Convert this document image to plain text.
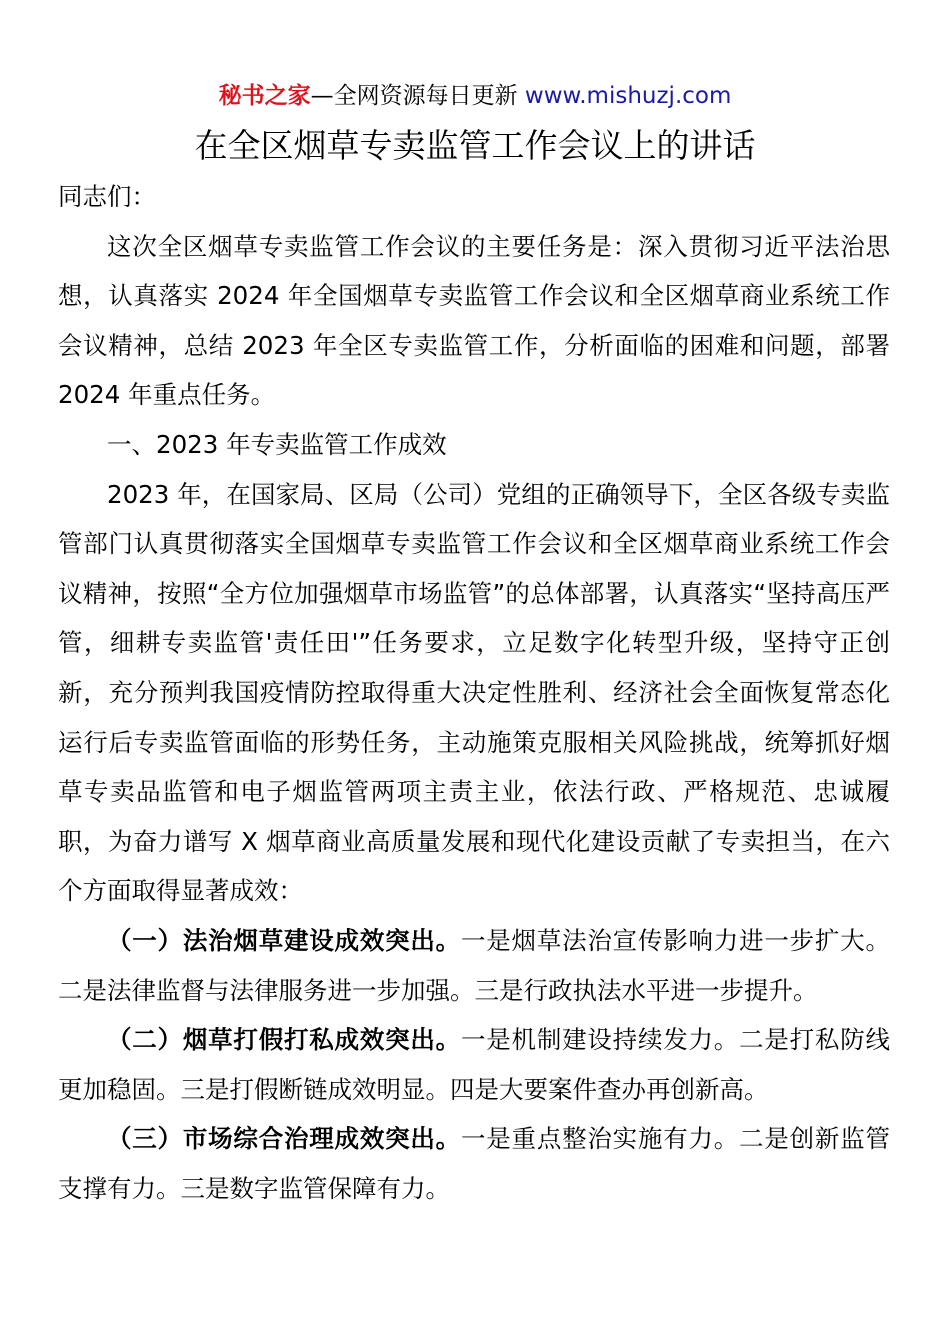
秘书之家—全网资源每日更新 www.mishuzj.com
在全区烟草专卖监管工作会议上的讲话

同志们：

这次全区烟草专卖监管工作会议的主要任务是：深入贯彻习近平法治思想，认真落实 2024 年全国烟草专卖监管工作会议和全区烟草商业系统工作会议精神，总结 2023 年全区专卖监管工作，分析面临的困难和问题，部署 2024 年重点任务。

一、2023 年专卖监管工作成效

2023 年，在国家局、区局（公司）党组的正确领导下，全区各级专卖监管部门认真贯彻落实全国烟草专卖监管工作会议和全区烟草商业系统工作会议精神，按照“全方位加强烟草市场监管”的总体部署，认真落实“坚持高压严管，细耕专卖监管'责任田'”任务要求，立足数字化转型升级，坚持守正创新，充分预判我国疫情防控取得重大决定性胜利、经济社会全面恢复常态化运行后专卖监管面临的形势任务，主动施策克服相关风险挑战，统筹抓好烟草专卖品监管和电子烟监管两项主责主业，依法行政、严格规范、忠诚履职，为奋力谱写 X 烟草商业高质量发展和现代化建设贡献了专卖担当，在六个方面取得显著成效：

（一）法治烟草建设成效突出。一是烟草法治宣传影响力进一步扩大。二是法律监督与法律服务进一步加强。三是行政执法水平进一步提升。

（二）烟草打假打私成效突出。一是机制建设持续发力。二是打私防线更加稳固。三是打假断链成效明显。四是大要案件查办再创新高。

（三）市场综合治理成效突出。一是重点整治实施有力。二是创新监管支撑有力。三是数字监管保障有力。
